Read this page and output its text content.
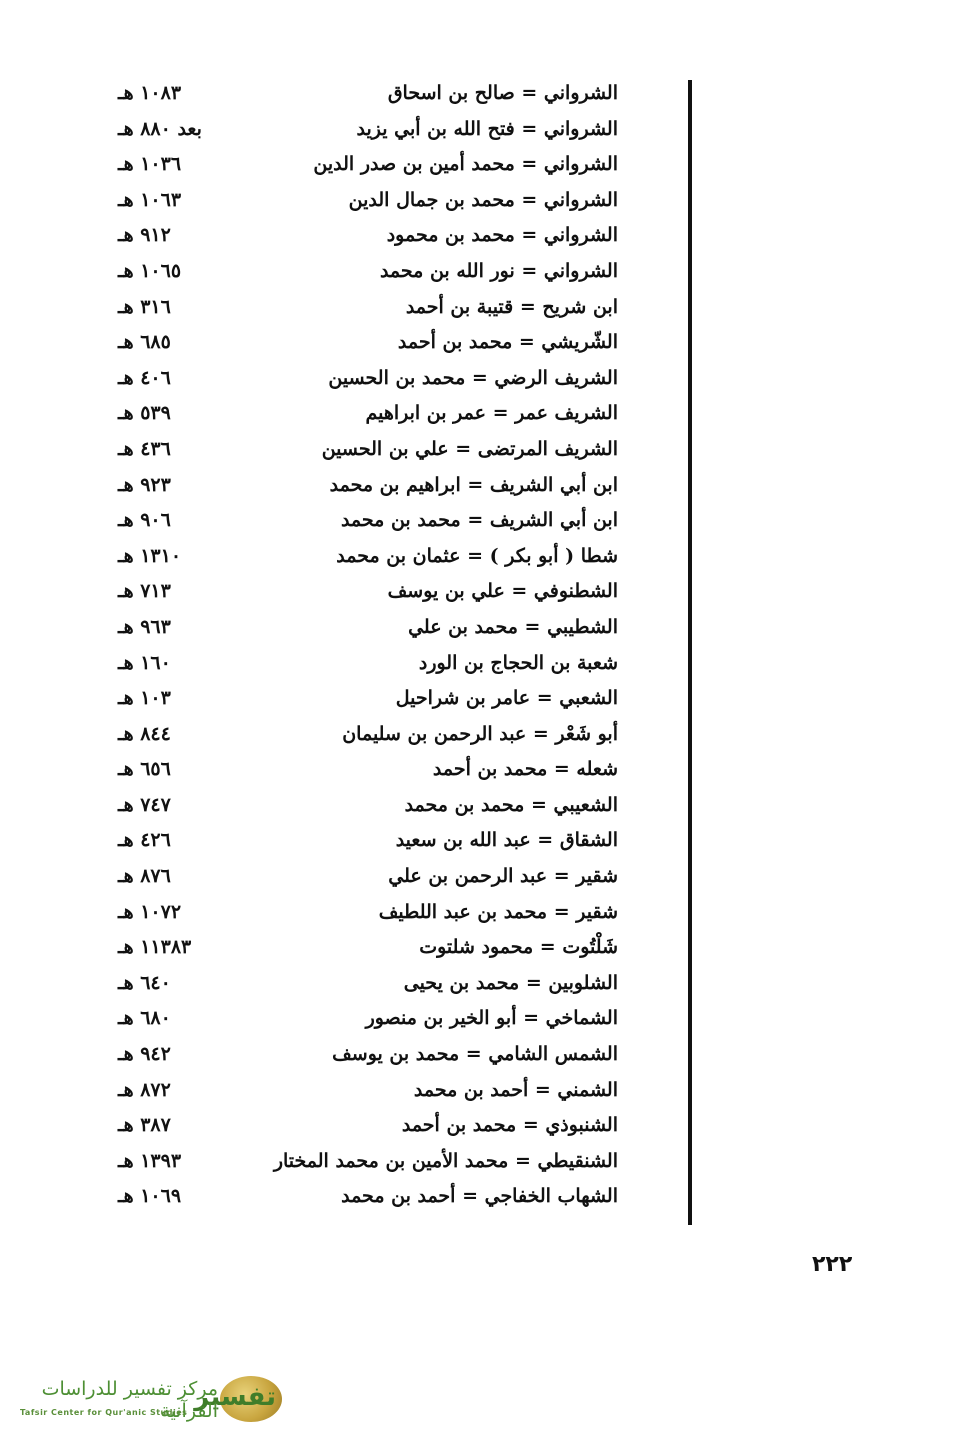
الشرواني = صالح بن اسحاق
١٠٨٣ هـ
الشرواني = فتح الله بن أبي يزيد
بعد ٨٨٠ هـ
الشرواني = محمد أمين بن صدر الدين
١٠٣٦ هـ
الشرواني = محمد بن جمال الدين
١٠٦٣ هـ
الشرواني = محمد بن محمود
٩١٢ هـ
الشرواني = نور الله بن محمد
١٠٦٥ هـ
ابن شريح = قتيبة بن أحمد
٣١٦ هـ
الشّريشي = محمد بن أحمد
٦٨٥ هـ
الشريف الرضي = محمد بن الحسين
٤٠٦ هـ
الشريف عمر = عمر بن ابراهيم
٥٣٩ هـ
الشريف المرتضى = علي بن الحسين
٤٣٦ هـ
ابن أبي الشريف = ابراهيم بن محمد
٩٢٣ هـ
ابن أبي الشريف = محمد بن محمد
٩٠٦ هـ
شطا ( أبو بكر ) = عثمان بن محمد
١٣١٠ هـ
الشطنوفي = علي بن يوسف
٧١٣ هـ
الشطيبي = محمد بن علي
٩٦٣ هـ
شعبة بن الحجاج بن الورد
١٦٠ هـ
الشعبي = عامر بن شراحيل
١٠٣ هـ
أبو شَعْر = عبد الرحمن بن سليمان
٨٤٤ هـ
شعله = محمد بن أحمد
٦٥٦ هـ
الشعيبي = محمد بن محمد
٧٤٧ هـ
الشقاق = عبد الله بن سعيد
٤٢٦ هـ
شقير = عبد الرحمن بن علي
٨٧٦ هـ
شقير = محمد بن عبد اللطيف
١٠٧٢ هـ
شَلْتُوت = محمود شلتوت
١١٣٨٣ هـ
الشلوبين = محمد بن يحيى
٦٤٠ هـ
الشماخي = أبو الخير بن منصور
٦٨٠ هـ
الشمس الشامي = محمد بن يوسف
٩٤٢ هـ
الشمني = أحمد بن محمد
٨٧٢ هـ
الشنبوذي = محمد بن أحمد
٣٨٧ هـ
الشنقيطي = محمد الأمين بن محمد المختار
١٣٩٣ هـ
الشهاب الخفاجي = أحمد بن محمد
١٠٦٩ هـ
٢٢٢
تفسير
مركز تفسير للدراسات القرآنية
Tafsir Center for Qur'anic Studies
